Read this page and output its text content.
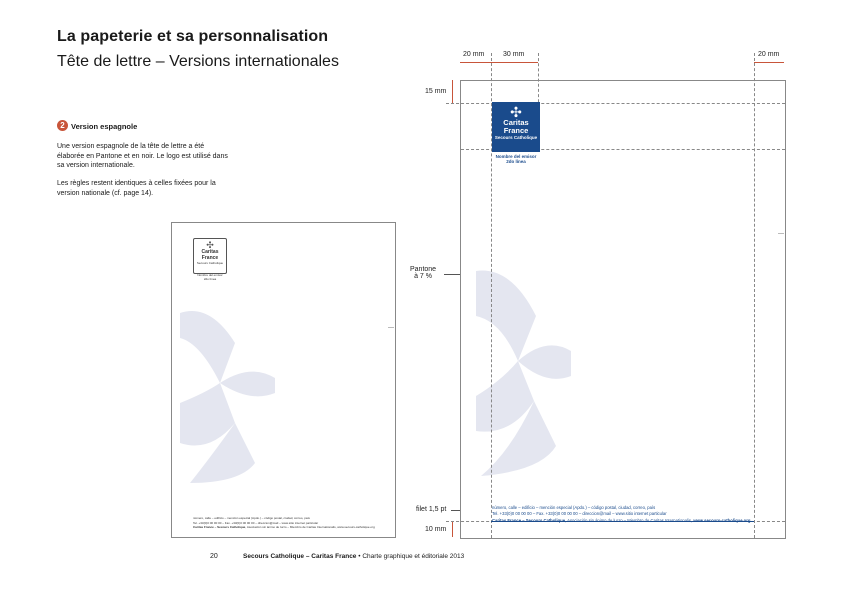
La papeterie et sa personnalisation
Tête de lettre – Versions internationales
2 Version espagnole
Une version espagnole de la tête de lettre a été élaborée en Pantone et en noir. Le logo est utilisé dans sa version internationale.
Les règles restent identiques à celles fixées pour la version nationale (cf. page 14).
✣
Caritas
France
Secours Catholique
Nombre del emisor
2do línea
número, calle – edificio – mención especial (Apdo.) – código postal, ciudad, correo, país
Tel. +33(0)0 00 00 00 – Fax. +33(0)0 00 00 00 – direccion@mail – www.sitio internet particular
Caritas France – Secours Catholique, Asociación sin ánimo de lucro – Miembro de Caritas Internationalis, www.secours-catholique.org
20 mm	30 mm	20 mm
15 mm
Pantone
à 7 %
filet 1,5 pt
10 mm
✣
Caritas
France
Secours Catholique
Nombre del emisor
2do línea
número, calle – edificio – mención especial (Apdo.) – código postal, ciudad, correo, país
Tel. +33(0)0 00 00 00 – Fax. +33(0)0 00 00 00 – direccion@mail – www.sitio internet particular
Caritas France – Secours Catholique, Asociación sin ánimo de lucro – Miembro de Caritas Internationalis, www.secours-catholique.org
20	Secours Catholique – Caritas France • Charte graphique et éditoriale 2013
